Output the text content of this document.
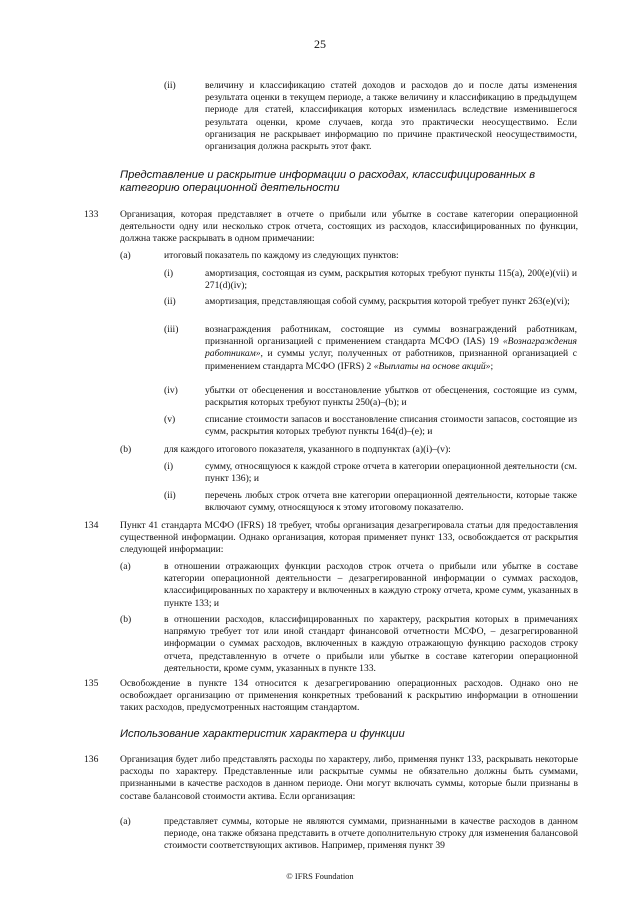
25
(ii)	величину и классификацию статей доходов и расходов до и после даты изменения результата оценки в текущем периоде, а также величину и классификацию в предыдущем периоде для статей, классификация которых изменилась вследствие изменившегося результата оценки, кроме случаев, когда это практически неосуществимо. Если организация не раскрывает информацию по причине практической неосуществимости, организация должна раскрыть этот факт.
Представление и раскрытие информации о расходах, классифицированных в категорию операционной деятельности
133 Организация, которая представляет в отчете о прибыли или убытке в составе категории операционной деятельности одну или несколько строк отчета, состоящих из расходов, классифицированных по функции, должна также раскрывать в одном примечании:
(a)	итоговый показатель по каждому из следующих пунктов:
(i)	амортизация, состоящая из сумм, раскрытия которых требуют пункты 115(a), 200(e)(vii) и 271(d)(iv);
(ii)	амортизация, представляющая собой сумму, раскрытия которой требует пункт 263(e)(vi);
(iii)	вознаграждения работникам, состоящие из суммы вознаграждений работникам, признанной организацией с применением стандарта МСФО (IAS) 19 «Вознаграждения работникам», и суммы услуг, полученных от работников, признанной организацией с применением стандарта МСФО (IFRS) 2 «Выплаты на основе акций»;
(iv)	убытки от обесценения и восстановление убытков от обесценения, состоящие из сумм, раскрытия которых требуют пункты 250(a)–(b); и
(v)	списание стоимости запасов и восстановление списания стоимости запасов, состоящие из сумм, раскрытия которых требуют пункты 164(d)–(e); и
(b)	для каждого итогового показателя, указанного в подпунктах (a)(i)–(v):
(i)	сумму, относящуюся к каждой строке отчета в категории операционной деятельности (см. пункт 136); и
(ii)	перечень любых строк отчета вне категории операционной деятельности, которые также включают сумму, относящуюся к этому итоговому показателю.
134 Пункт 41 стандарта МСФО (IFRS) 18 требует, чтобы организация дезагрегировала статьи для предоставления существенной информации. Однако организация, которая применяет пункт 133, освобождается от раскрытия следующей информации:
(a)	в отношении отражающих функции расходов строк отчета о прибыли или убытке в составе категории операционной деятельности – дезагрегированной информации о суммах расходов, классифицированных по характеру и включенных в каждую строку отчета, кроме сумм, указанных в пункте 133; и
(b)	в отношении расходов, классифицированных по характеру, раскрытия которых в примечаниях напрямую требует тот или иной стандарт финансовой отчетности МСФО, – дезагрегированной информации о суммах расходов, включенных в каждую отражающую функцию расходов строку отчета, представленную в отчете о прибыли или убытке в составе категории операционной деятельности, кроме сумм, указанных в пункте 133.
135 Освобождение в пункте 134 относится к дезагрегированию операционных расходов. Однако оно не освобождает организацию от применения конкретных требований к раскрытию информации в отношении таких расходов, предусмотренных настоящим стандартом.
Использование характеристик характера и функции
136 Организация будет либо представлять расходы по характеру, либо, применяя пункт 133, раскрывать некоторые расходы по характеру. Представленные или раскрытые суммы не обязательно должны быть суммами, признанными в качестве расходов в данном периоде. Они могут включать суммы, которые были признаны в составе балансовой стоимости актива. Если организация:
(a)	представляет суммы, которые не являются суммами, признанными в качестве расходов в данном периоде, она также обязана представить в отчете дополнительную строку для изменения балансовой стоимости соответствующих активов. Например, применяя пункт 39
© IFRS Foundation
